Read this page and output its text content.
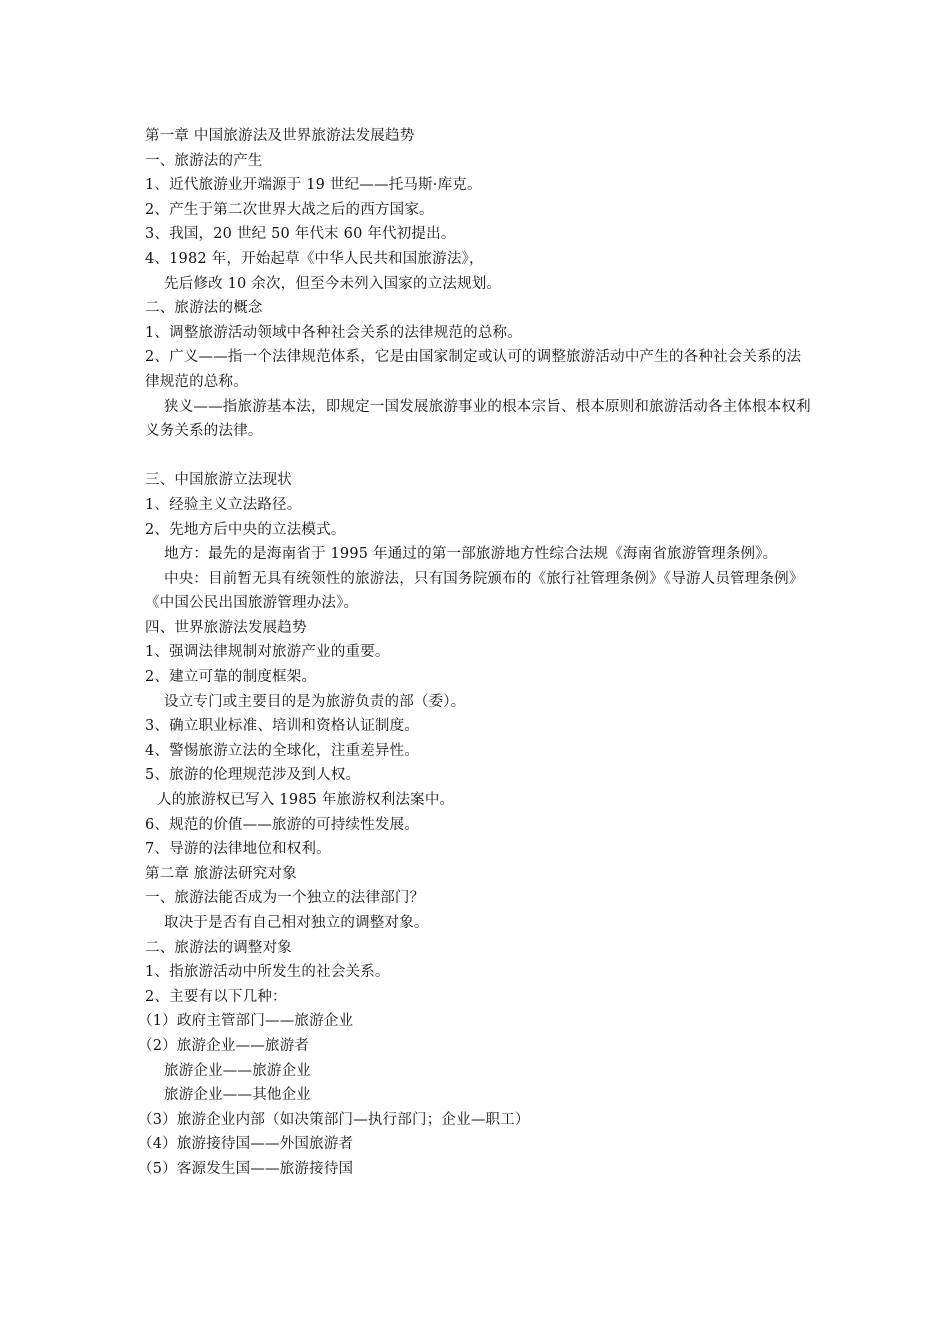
第一章 中国旅游法及世界旅游法发展趋势
一、旅游法的产生
1、近代旅游业开端源于 19 世纪——托马斯·库克。
2、产生于第二次世界大战之后的西方国家。
3、我国，20 世纪 50 年代末 60 年代初提出。
4、1982 年，开始起草《中华人民共和国旅游法》，
先后修改 10 余次，但至今未列入国家的立法规划。
二、旅游法的概念
1、调整旅游活动领域中各种社会关系的法律规范的总称。
2、广义——指一个法律规范体系，它是由国家制定或认可的调整旅游活动中产生的各种社会关系的法律规范的总称。
狭义——指旅游基本法，即规定一国发展旅游事业的根本宗旨、根本原则和旅游活动各主体根本权利义务关系的法律。
三、中国旅游立法现状
1、经验主义立法路径。
2、先地方后中央的立法模式。
地方：最先的是海南省于 1995 年通过的第一部旅游地方性综合法规《海南省旅游管理条例》。
中央：目前暂无具有统领性的旅游法，只有国务院颁布的《旅行社管理条例》《导游人员管理条例》《中国公民出国旅游管理办法》。
四、世界旅游法发展趋势
1、强调法律规制对旅游产业的重要。
2、建立可靠的制度框架。
设立专门或主要目的是为旅游负责的部（委）。
3、确立职业标准、培训和资格认证制度。
4、警惕旅游立法的全球化，注重差异性。
5、旅游的伦理规范涉及到人权。
人的旅游权已写入 1985 年旅游权利法案中。
6、规范的价值——旅游的可持续性发展。
7、导游的法律地位和权利。
第二章 旅游法研究对象
一、旅游法能否成为一个独立的法律部门？
取决于是否有自己相对独立的调整对象。
二、旅游法的调整对象
1、指旅游活动中所发生的社会关系。
2、主要有以下几种：
（1）政府主管部门——旅游企业
（2）旅游企业——旅游者
旅游企业——旅游企业
旅游企业——其他企业
（3）旅游企业内部（如决策部门—执行部门；企业—职工）
（4）旅游接待国——外国旅游者
（5）客源发生国——旅游接待国
